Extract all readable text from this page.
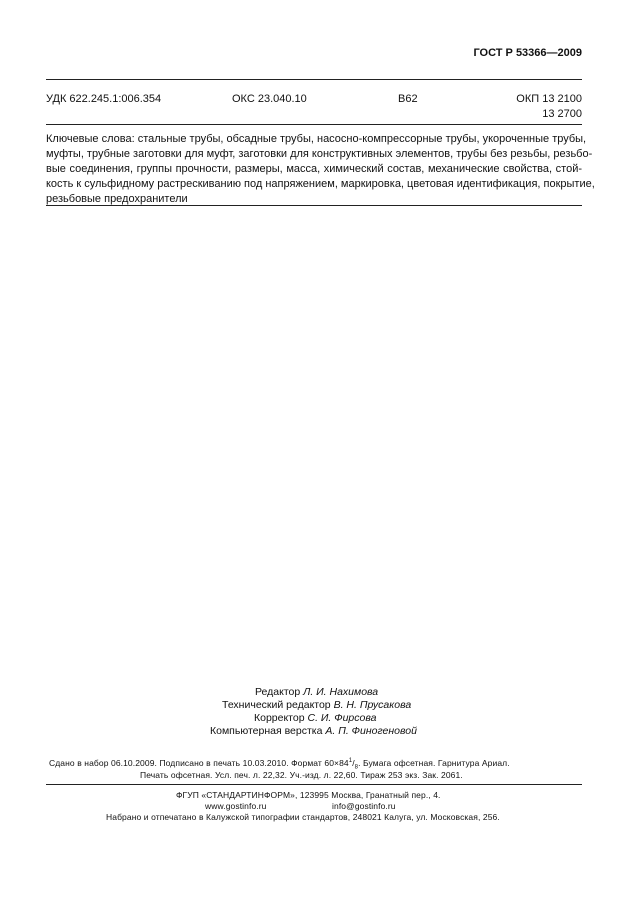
ГОСТ Р 53366—2009
УДК 622.245.1:006.354	ОКС 23.040.10	В62	ОКП 13 2100
13 2700
Ключевые слова: стальные трубы, обсадные трубы, насосно-компрессорные трубы, укороченные трубы,
муфты, трубные заготовки для муфт, заготовки для конструктивных элементов, трубы без резьбы, резьбо-
вые соединения, группы прочности, размеры, масса, химический состав, механические свойства, стой-
кость к сульфидному растрескиванию под напряжением, маркировка, цветовая идентификация, покрытие,
резьбовые предохранители
Редактор Л. И. Нахимова
Технический редактор В. Н. Прусакова
Корректор С. И. Фирсова
Компьютерная верстка А. П. Финогеновой
Сдано в набор 06.10.2009. Подписано в печать 10.03.2010. Формат $60\times 84^1/_8$. Бумага офсетная. Гарнитура Ариал.
Печать офсетная. Усл. печ. л. 22,32. Уч.-изд. л. 22,60. Тираж 253 экз. Зак. 2061.
ФГУП «СТАНДАРТИНФОРМ», 123995 Москва, Гранатный пер., 4.
www.gostinfo.ru	info@gostinfo.ru
Набрано и отпечатано в Калужской типографии стандартов, 248021 Калуга, ул. Московская, 256.
